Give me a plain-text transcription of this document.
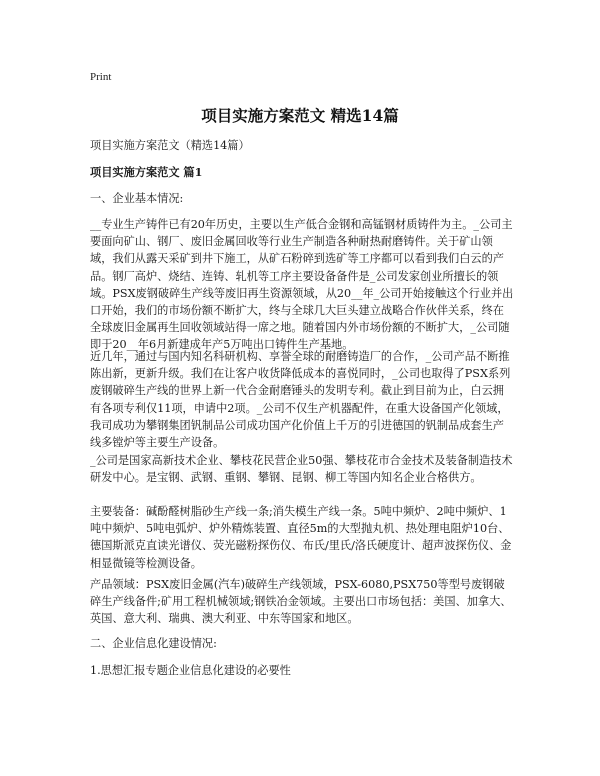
Print
项目实施方案范文 精选14篇
项目实施方案范文（精选14篇）
项目实施方案范文 篇1
一、企业基本情况:

__专业生产铸件已有20年历史，主要以生产低合金钢和高锰钢材质铸件为主。_公司主要面向矿山、钢厂、废旧金属回收等行业生产制造各种耐热耐磨铸件。关于矿山领域，我们从露天采矿到井下施工，从矿石粉碎到选矿等工序都可以看到我们白云的产品。钢厂高炉、烧结、连铸、轧机等工序主要设备备件是_公司发家创业所擅长的领域。PSX废钢破碎生产线等废旧再生资源领域，从20__年_公司开始接触这个行业并出口开始，我们的市场份额不断扩大，终与全球几大巨头建立战略合作伙伴关系，终在全球废旧金属再生回收领域站得一席之地。随着国内外市场份额的不断扩大，_公司随即于20__年6月新建成年产5万吨出口铸件生产基地。

近几年，通过与国内知名科研机构、享誉全球的耐磨铸造厂的合作，_公司产品不断推陈出新，更新升级。我们在让客户收货降低成本的喜悦同时，_公司也取得了PSX系列废钢破碎生产线的世界上新一代合金耐磨锤头的发明专利。截止到目前为止，白云拥有各项专利仅11项，申请中2项。_公司不仅生产机器配件，在重大设备国产化领域，我司成功为攀钢集团钒制品公司成功国产化价值上千万的引进德国的钒制品成套生产线多镗炉等主要生产设备。

_公司是国家高新技术企业、攀枝花民营企业50强、攀枝花市合金技术及装备制造技术研发中心。是宝钢、武钢、重钢、攀钢、昆钢、柳工等国内知名企业合格供方。

主要装备：碱酚醛树脂砂生产线一条;消失模生产线一条。5吨中频炉、2吨中频炉、1吨中频炉、5吨电弧炉、炉外精炼装置、直径5m的大型抛丸机、热处理电阻炉10台、德国斯派克直读光谱仪、荧光磁粉探伤仪、布氏/里氏/洛氏硬度计、超声波探伤仪、金相显微镜等检测设备。

产品领域：PSX废旧金属(汽车)破碎生产线领域，PSX-6080,PSX750等型号废钢破碎生产线备件;矿用工程机械领域;钢铁冶金领域。主要出口市场包括：美国、加拿大、英国、意大利、瑞典、澳大利亚、中东等国家和地区。

二、企业信息化建设情况:
1.思想汇报专题企业信息化建设的必要性
